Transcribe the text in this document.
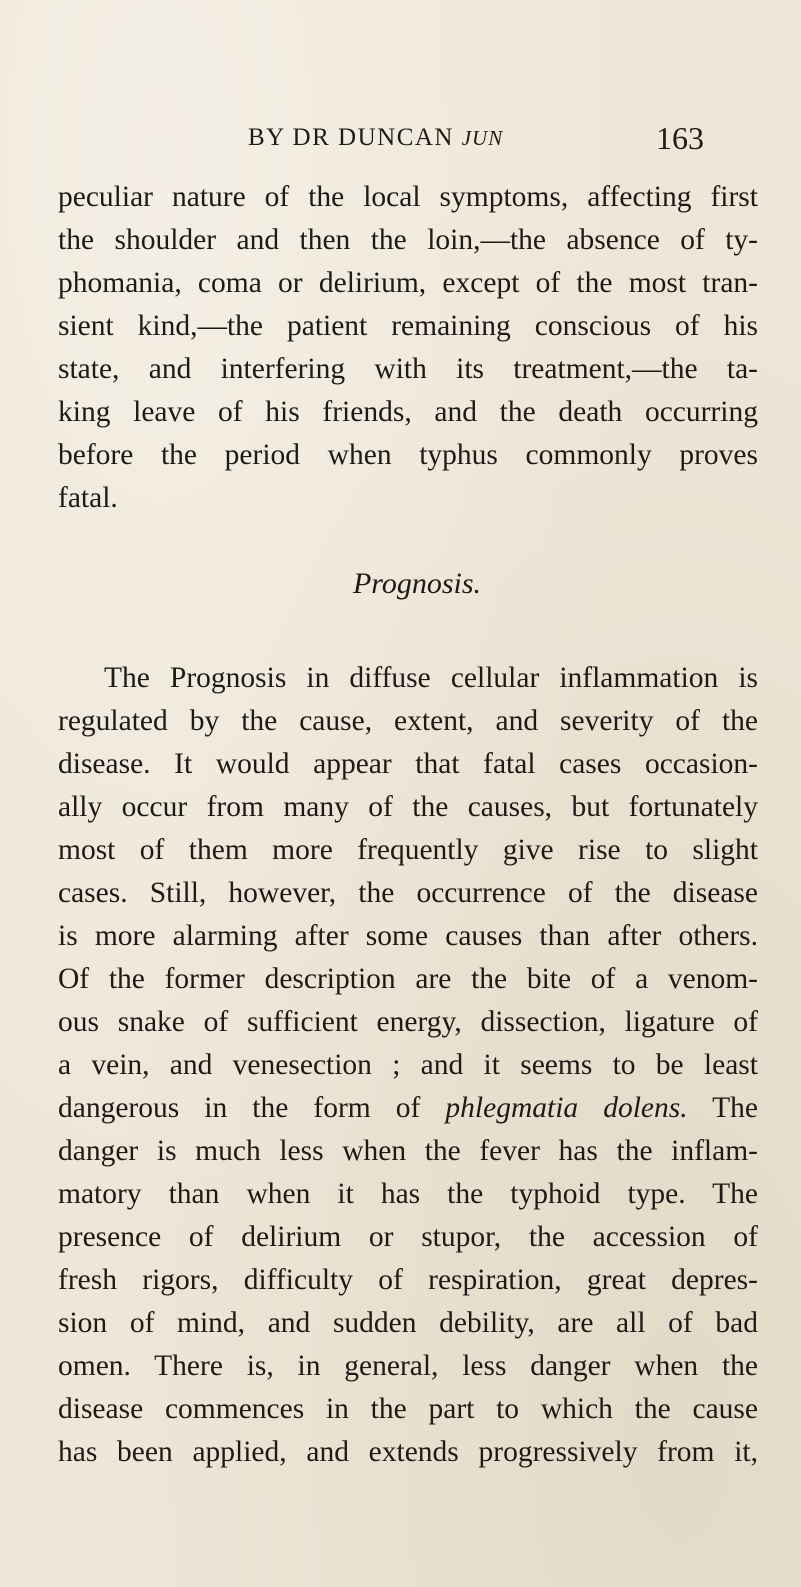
BY DR DUNCAN JUN	163
peculiar nature of the local symptoms, affecting first
the shoulder and then the loin,—the absence of ty-
phomania, coma or delirium, except of the most tran-
sient kind,—the patient remaining conscious of his
state, and interfering with its treatment,—the ta-
king leave of his friends, and the death occurring
before the period when typhus commonly proves
fatal.
Prognosis.
The Prognosis in diffuse cellular inflammation is
regulated by the cause, extent, and severity of the
disease. It would appear that fatal cases occasion-
ally occur from many of the causes, but fortunately
most of them more frequently give rise to slight
cases. Still, however, the occurrence of the disease
is more alarming after some causes than after others.
Of the former description are the bite of a venom-
ous snake of sufficient energy, dissection, ligature of
a vein, and venesection ; and it seems to be least
dangerous in the form of phlegmatia dolens. The
danger is much less when the fever has the inflam-
matory than when it has the typhoid type. The
presence of delirium or stupor, the accession of
fresh rigors, difficulty of respiration, great depres-
sion of mind, and sudden debility, are all of bad
omen. There is, in general, less danger when the
disease commences in the part to which the cause
has been applied, and extends progressively from it,
